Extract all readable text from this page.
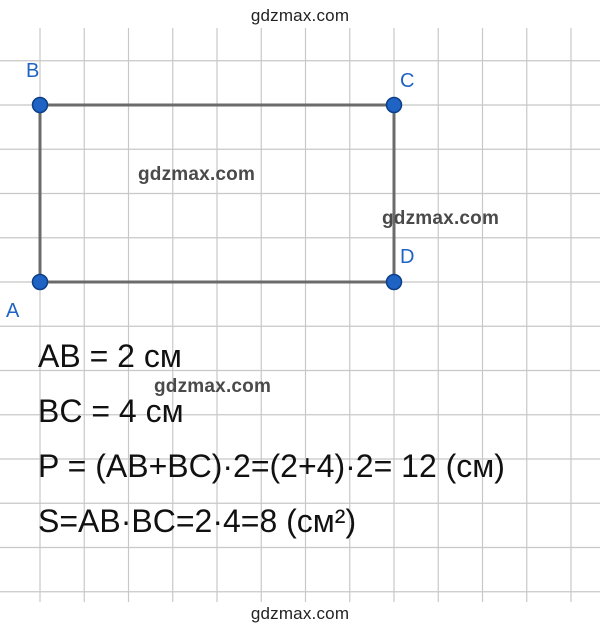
gdzmax.com
B	C
D
A
gdzmax.com
gdzmax.com
AB = 2 см
BC = 4 см
gdzmax.com
P = (AB+BC)·2=(2+4)·2= 12 (см)
S=AB·BC=2·4=8 (см²)
gdzmax.com
